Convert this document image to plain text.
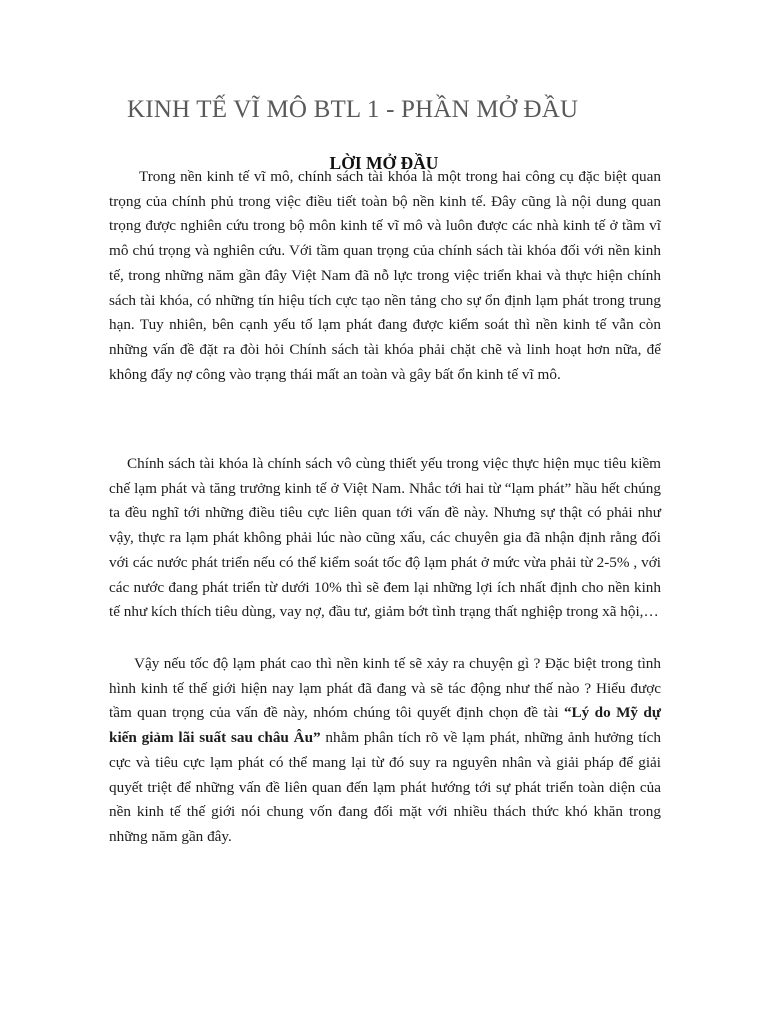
KINH TẾ VĨ MÔ BTL 1 - PHẦN MỞ ĐẦU
LỜI MỞ ĐẦU

Trong nền kinh tế vĩ mô, chính sách tài khóa là một trong hai công cụ đặc biệt quan trọng của chính phủ trong việc điều tiết toàn bộ nền kinh tế. Đây cũng là nội dung quan trọng được nghiên cứu trong bộ môn kinh tế vĩ mô và luôn được các nhà kinh tế ở tầm vĩ mô chú trọng và nghiên cứu. Với tầm quan trọng của chính sách tài khóa đối với nền kinh tế, trong những năm gần đây Việt Nam đã nỗ lực trong việc triển khai và thực hiện chính sách tài khóa, có những tín hiệu tích cực tạo nền tảng cho sự ổn định lạm phát trong trung hạn. Tuy nhiên, bên cạnh yếu tố lạm phát đang được kiểm soát thì nền kinh tế vẫn còn những vấn đề đặt ra đòi hỏi Chính sách tài khóa phải chặt chẽ và linh hoạt hơn nữa, để không đẩy nợ công vào trạng thái mất an toàn và gây bất ổn kinh tế vĩ mô.

Chính sách tài khóa là chính sách vô cùng thiết yếu trong việc thực hiện mục tiêu kiềm chế lạm phát và tăng trưởng kinh tế ở Việt Nam. Nhắc tới hai từ “lạm phát” hầu hết chúng ta đều nghĩ tới những điều tiêu cực liên quan tới vấn đề này. Nhưng sự thật có phải như vậy, thực ra lạm phát không phải lúc nào cũng xấu, các chuyên gia đã nhận định rằng đối với các nước phát triển nếu có thể kiểm soát tốc độ lạm phát ở mức vừa phải từ 2-5% , với các nước đang phát triển từ dưới 10% thì sẽ đem lại những lợi ích nhất định cho nền kinh tế như kích thích tiêu dùng, vay nợ, đầu tư, giảm bớt tình trạng thất nghiệp trong xã hội,…

Vậy nếu tốc độ lạm phát cao thì nền kinh tế sẽ xảy ra chuyện gì ? Đặc biệt trong tình hình kinh tế thế giới hiện nay lạm phát đã đang và sẽ tác động như thế nào ? Hiểu được tầm quan trọng của vấn đề này, nhóm chúng tôi quyết định chọn đề tài “Lý do Mỹ dự kiến giảm lãi suất sau châu Âu” nhằm phân tích rõ về lạm phát, những ảnh hưởng tích cực và tiêu cực lạm phát có thể mang lại từ đó suy ra nguyên nhân và giải pháp để giải quyết triệt để những vấn đề liên quan đến lạm phát hướng tới sự phát triển toàn diện của nền kinh tế thế giới nói chung vốn đang đối mặt với nhiều thách thức khó khăn trong những năm gần đây.
